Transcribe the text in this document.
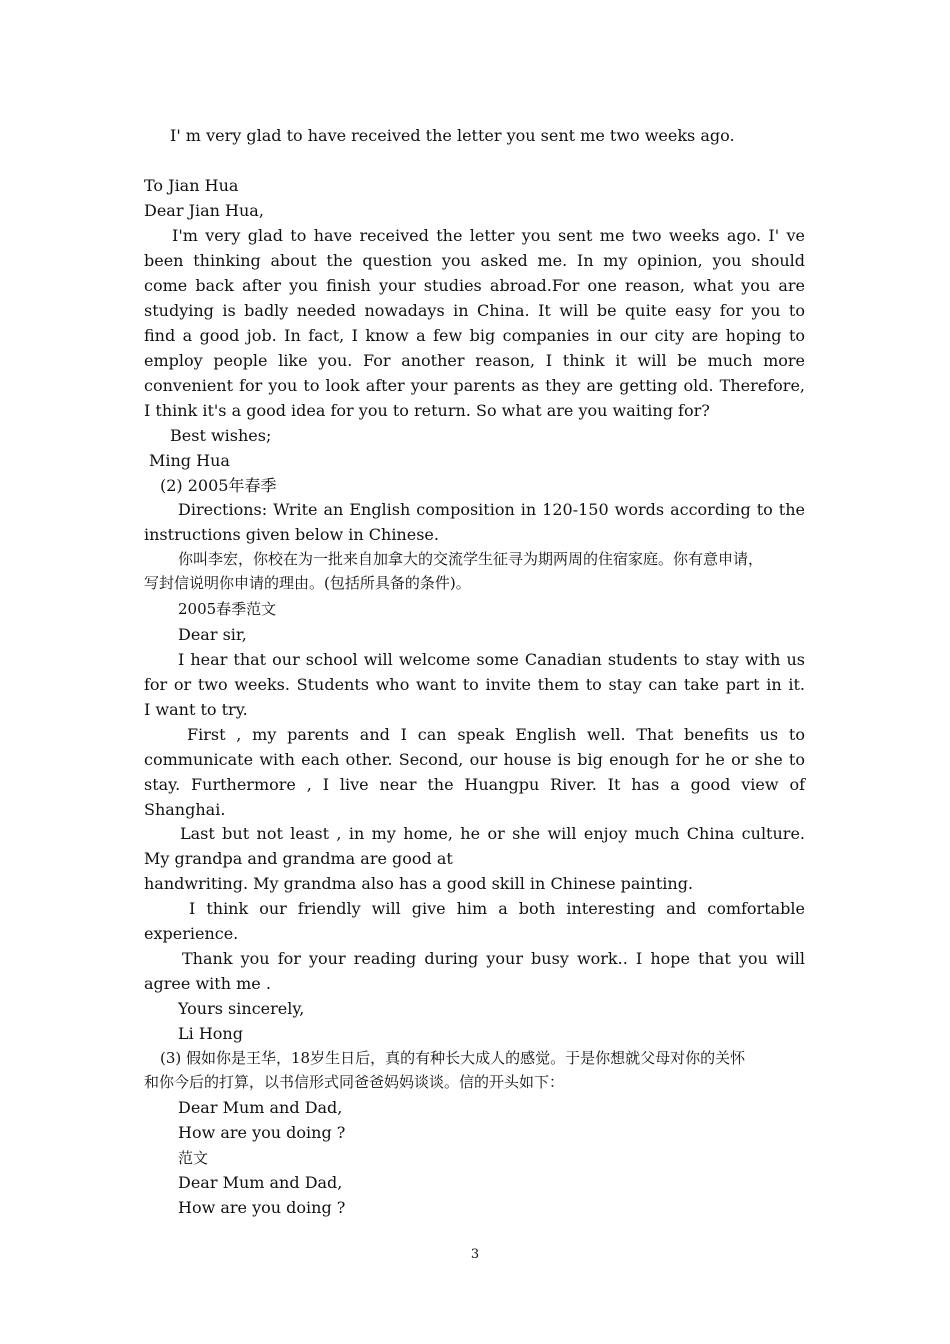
I' m very glad to have received the letter you sent me two weeks ago.
To Jian Hua
Dear Jian Hua,
I'm very glad to have received the letter you sent me two weeks ago. I' ve
been thinking about the question you asked me. In my opinion, you should
come back after you finish your studies abroad.For one reason, what you are
studying is badly needed nowadays in China. It will be quite easy for you to
find a good job. In fact, I know a few big companies in our city are hoping to
employ people like you. For another reason, I think it will be much more
convenient for you to look after your parents as they are getting old. Therefore,
I think it's a good idea for you to return. So what are you waiting for?
Best wishes;
Ming Hua
(2) 2005年春季
Directions: Write an English composition in 120-150 words according to the
instructions given below in Chinese.
你叫李宏，你校在为一批来自加拿大的交流学生征寻为期两周的住宿家庭。你有意申请，
写封信说明你申请的理由。(包括所具备的条件)。
2005春季范文
Dear sir,
I hear that our school will welcome some Canadian students to stay with us
for or two weeks. Students who want to invite them to stay can take part in it.
I want to try.
First , my parents and I can speak English well. That benefits us to
communicate with each other. Second, our house is big enough for he or she to
stay. Furthermore , I live near the Huangpu River. It has a good view of
Shanghai.
Last but not least , in my home, he or she will enjoy much China culture.
My grandpa and grandma are good at
handwriting. My grandma also has a good skill in Chinese painting.
I think our friendly will give him a both interesting and comfortable
experience.
Thank you for your reading during your busy work.. I hope that you will
agree with me .
Yours sincerely,
Li Hong
(3) 假如你是王华，18岁生日后，真的有种长大成人的感觉。于是你想就父母对你的关怀
和你今后的打算，以书信形式同爸爸妈妈谈谈。信的开头如下：
Dear Mum and Dad,
How are you doing ?
范文
Dear Mum and Dad,
How are you doing ?
3
